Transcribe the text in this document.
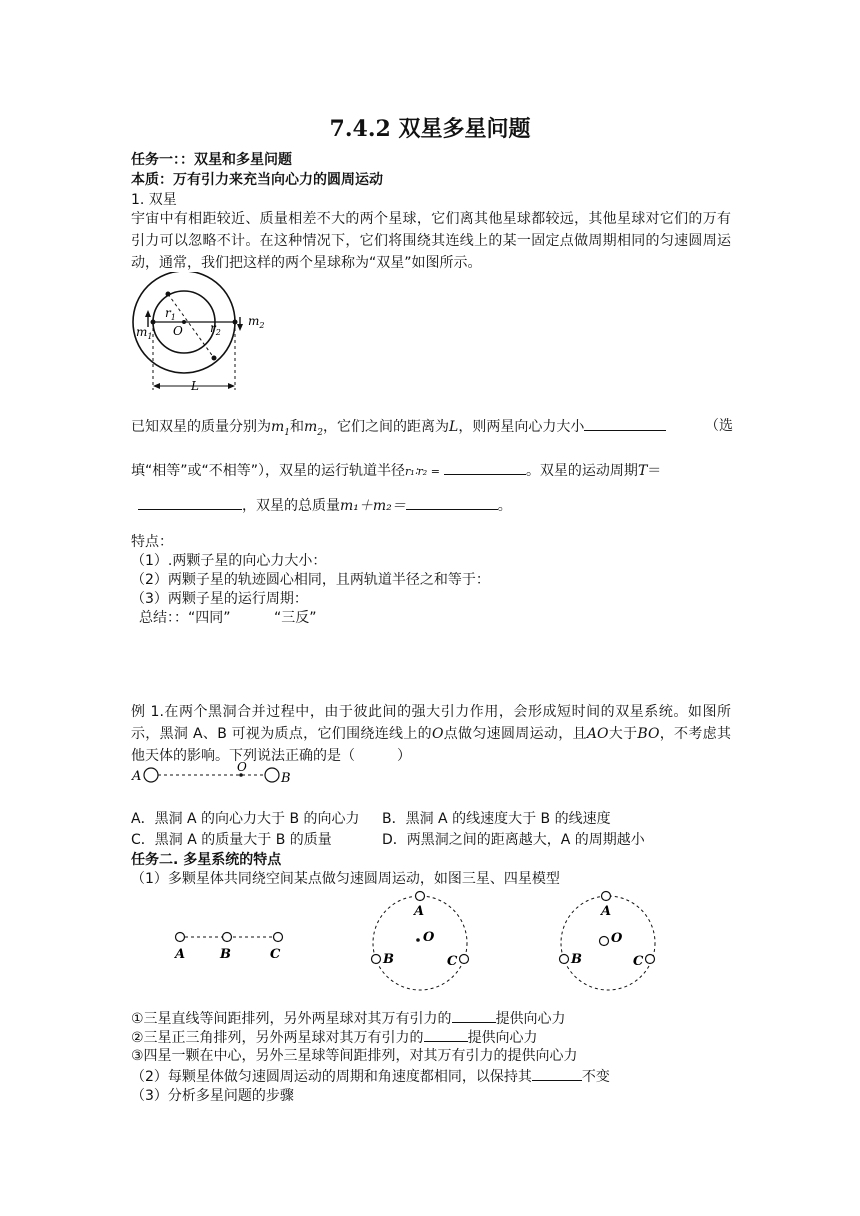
7.4.2 双星多星问题
任务一：：双星和多星问题
本质：万有引力来充当向心力的圆周运动
1. 双星
宇宙中有相距较近、质量相差不大的两个星球，它们离其他星球都较远，其他星球对它们的万有引力可以忽略不计。在这种情况下，它们将围绕其连线上的某一固定点做周期相同的匀速圆周运动，通常，我们把这样的两个星球称为“双星”如图所示。
$m_1$
$m_2$
O
$r_1$
$r_2$
L
已知双星的质量分别为$m_1$和$m_2$，它们之间的距离为L，则两星向心力大小	（选
填“相等”或“不相等”），双星的运行轨道半径r₁∶r₂ =	。双星的运动周期T＝
，双星的总质量m₁＋m₂＝	。
特点：
（1）.两颗子星的向心力大小：
（2）两颗子星的轨迹圆心相同，且两轨道半径之和等于：
（3）两颗子星的运行周期：
总结：：“四同”	“三反”
例 1.在两个黑洞合并过程中，由于彼此间的强大引力作用，会形成短时间的双星系统。如图所示，黑洞 A、B 可视为质点，它们围绕连线上的O点做匀速圆周运动，且AO大于BO，不考虑其他天体的影响。下列说法正确的是（　　　）
A
O
B
A．黑洞 A 的向心力大于 B 的向心力 B．黑洞 A 的线速度大于 B 的线速度
C．黑洞 A 的质量大于 B 的质量	D．两黑洞之间的距离越大，A 的周期越小
任务二. 多星系统的特点
（1）多颗星体共同绕空间某点做匀速圆周运动，如图三星、四星模型
A	B	C
A
O
B	C
A
O
B	C
①三星直线等间距排列，另外两星球对其万有引力的	提供向心力
②三星正三角排列，另外两星球对其万有引力的	提供向心力
③四星一颗在中心，另外三星球等间距排列，对其万有引力的提供向心力
（2）每颗星体做匀速圆周运动的周期和角速度都相同，以保持其	不变
（3）分析多星问题的步骤
